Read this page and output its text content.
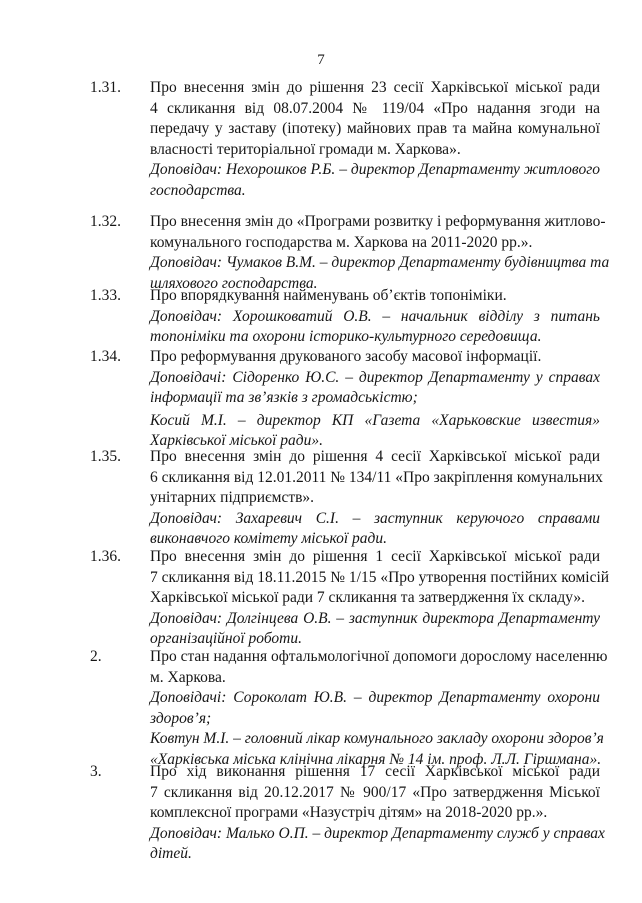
7
1.31. Про внесення змін до рішення 23 сесії Харківської міської ради
4 скликання від 08.07.2004 № 119/04 «Про надання згоди на
передачу у заставу (іпотеку) майнових прав та майна комунальної
власності територіальної громади м. Харкова».
Доповідач: Нехорошков Р.Б. – директор Департаменту житлового
господарства.
1.32. Про внесення змін до «Програми розвитку і реформування житлово-
комунального господарства м. Харкова на 2011-2020 рр.».
Доповідач: Чумаков В.М. – директор Департаменту будівництва та
шляхового господарства.
1.33. Про впорядкування найменувань об’єктів топоніміки.
Доповідач: Хорошковатий О.В. – начальник відділу з питань
топоніміки та охорони історико-культурного середовища.
1.34. Про реформування друкованого засобу масової інформації.
Доповідачі: Сідоренко Ю.С. – директор Департаменту у справах
інформації та зв’язків з громадськістю;
Косий М.І. – директор КП «Газета «Харьковские известия»
Харківської міської ради».
1.35. Про внесення змін до рішення 4 сесії Харківської міської ради
6 скликання від 12.01.2011 № 134/11 «Про закріплення комунальних
унітарних підприємств».
Доповідач: Захаревич С.І. – заступник керуючого справами
виконавчого комітету міської ради.
1.36. Про внесення змін до рішення 1 сесії Харківської міської ради
7 скликання від 18.11.2015 № 1/15 «Про утворення постійних комісій
Харківської міської ради 7 скликання та затвердження їх складу».
Доповідач: Долгінцева О.В. – заступник директора Департаменту
організаційної роботи.
2.	Про стан надання офтальмологічної допомоги дорослому населенню
м. Харкова.
Доповідачі: Сороколат Ю.В. – директор Департаменту охорони
здоров’я;
Ковтун М.І. – головний лікар комунального закладу охорони здоров’я
«Харківська міська клінічна лікарня № 14 ім. проф. Л.Л. Гіршмана».
3.	Про хід виконання рішення 17 сесії Харківської міської ради
7 скликання від 20.12.2017 № 900/17 «Про затвердження Міської
комплексної програми «Назустріч дітям» на 2018-2020 рр.».
Доповідач: Малько О.П. – директор Департаменту служб у справах
дітей.
